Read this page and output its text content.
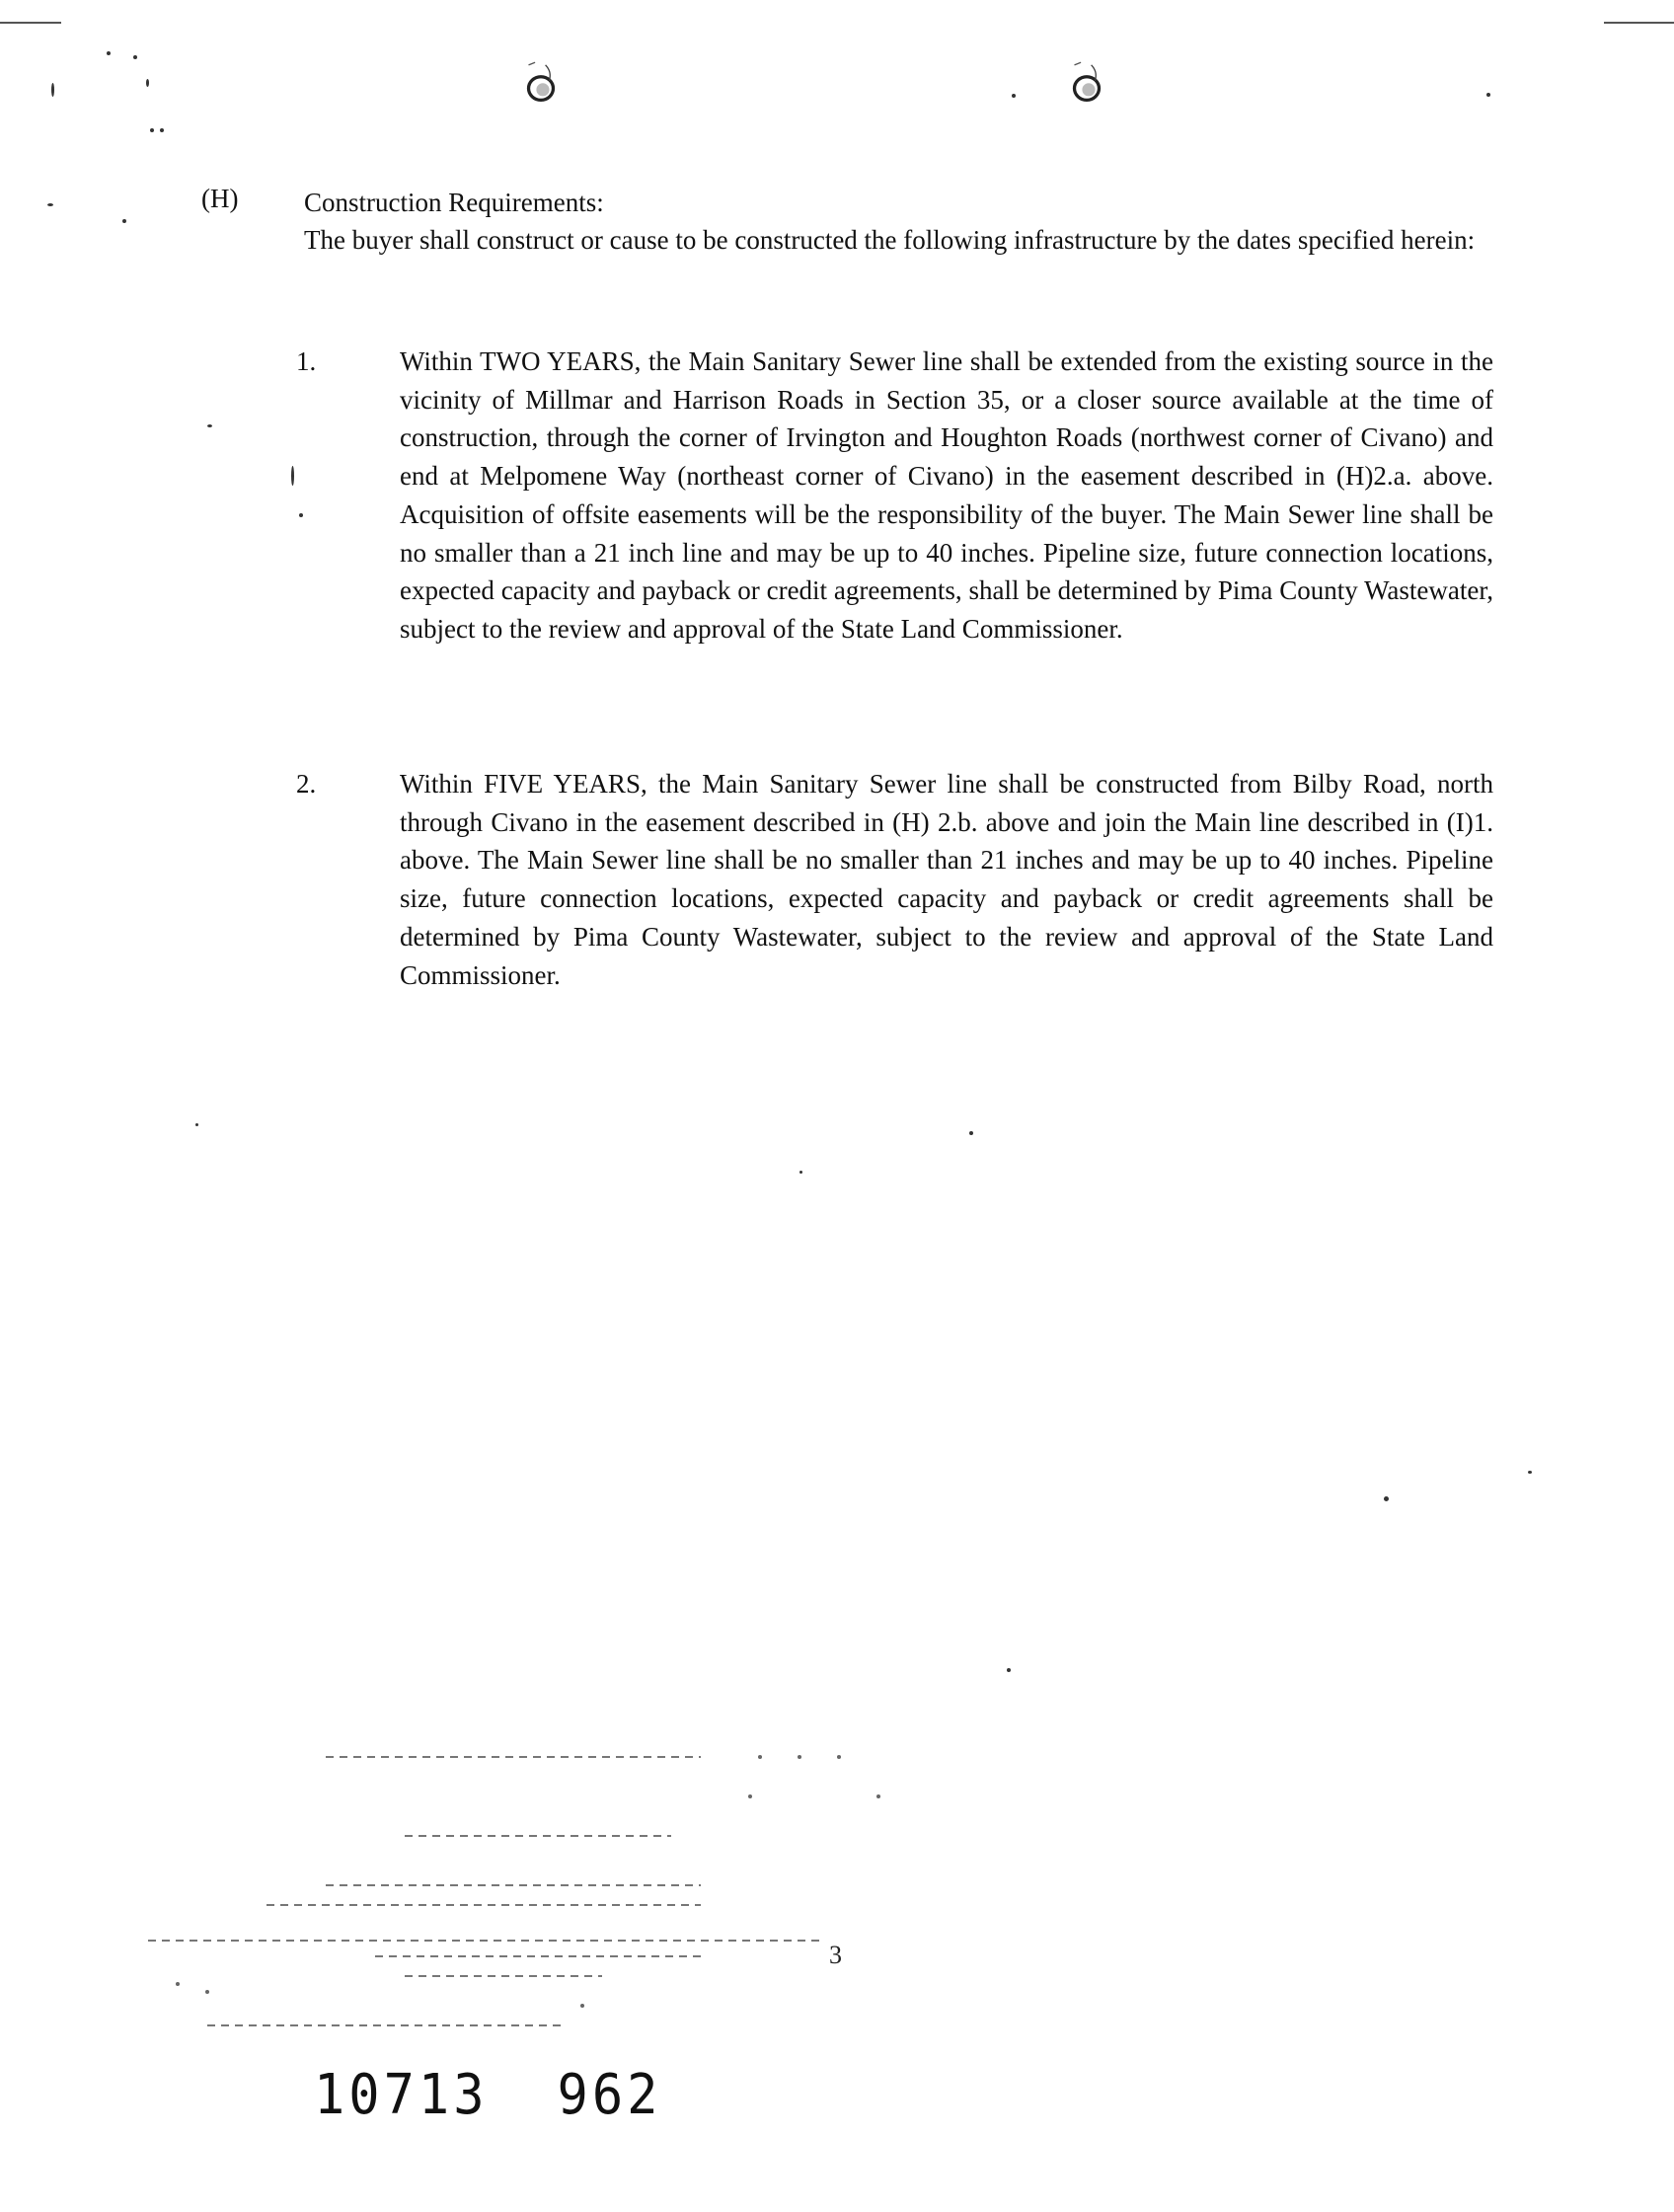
(H) Construction Requirements:
The buyer shall construct or cause to be constructed the following infrastructure by the dates specified herein:
1.	Within TWO YEARS, the Main Sanitary Sewer line shall be extended from the existing source in the vicinity of Millmar and Harrison Roads in Section 35, or a closer source available at the time of construction, through the corner of Irvington and Houghton Roads (northwest corner of Civano) and end at Melpomene Way (northeast corner of Civano) in the easement described in (H)2.a. above. Acquisition of offsite easements will be the responsibility of the buyer. The Main Sewer line shall be no smaller than a 21 inch line and may be up to 40 inches. Pipeline size, future connection locations, expected capacity and payback or credit agreements, shall be determined by Pima County Wastewater, subject to the review and approval of the State Land Commissioner.
2.	Within FIVE YEARS, the Main Sanitary Sewer line shall be constructed from Bilby Road, north through Civano in the easement described in (H) 2.b. above and join the Main line described in (I)1. above. The Main Sewer line shall be no smaller than 21 inches and may be up to 40 inches. Pipeline size, future connection locations, expected capacity and payback or credit agreements shall be determined by Pima County Wastewater, subject to the review and approval of the State Land Commissioner.
3
10713 962
